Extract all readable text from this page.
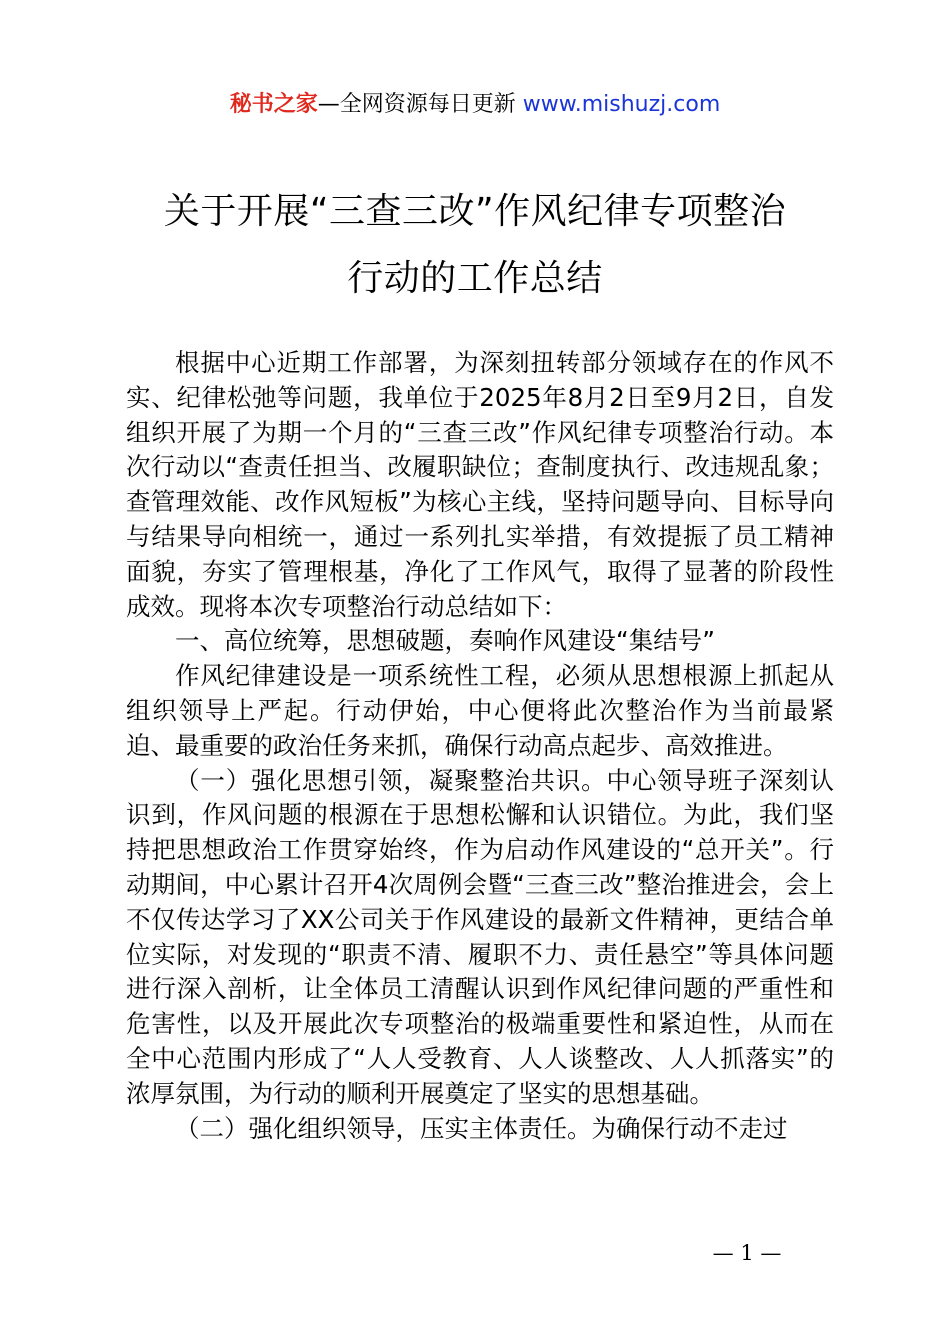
秘书之家—全网资源每日更新 www.mishuzj.com
关于开展“三查三改”作风纪律专项整治
行动的工作总结

根据中心近期工作部署，为深刻扭转部分领域存在的作风不实、纪律松弛等问题，我单位于2025年8月2日至9月2日，自发组织开展了为期一个月的“三查三改”作风纪律专项整治行动。本次行动以“查责任担当、改履职缺位；查制度执行、改违规乱象；查管理效能、改作风短板”为核心主线，坚持问题导向、目标导向与结果导向相统一，通过一系列扎实举措，有效提振了员工精神面貌，夯实了管理根基，净化了工作风气，取得了显著的阶段性成效。现将本次专项整治行动总结如下：

一、高位统筹，思想破题，奏响作风建设“集结号”

作风纪律建设是一项系统性工程，必须从思想根源上抓起从组织领导上严起。行动伊始，中心便将此次整治作为当前最紧迫、最重要的政治任务来抓，确保行动高点起步、高效推进。

（一）强化思想引领，凝聚整治共识。中心领导班子深刻认识到，作风问题的根源在于思想松懈和认识错位。为此，我们坚持把思想政治工作贯穿始终，作为启动作风建设的“总开关”。行动期间，中心累计召开4次周例会暨“三查三改”整治推进会，会上不仅传达学习了XX公司关于作风建设的最新文件精神，更结合单位实际，对发现的“职责不清、履职不力、责任悬空”等具体问题进行深入剖析，让全体员工清醒认识到作风纪律问题的严重性和危害性，以及开展此次专项整治的极端重要性和紧迫性，从而在全中心范围内形成了“人人受教育、人人谈整改、人人抓落实”的浓厚氛围，为行动的顺利开展奠定了坚实的思想基础。

（二）强化组织领导，压实主体责任。为确保行动不走过

— 1 —
